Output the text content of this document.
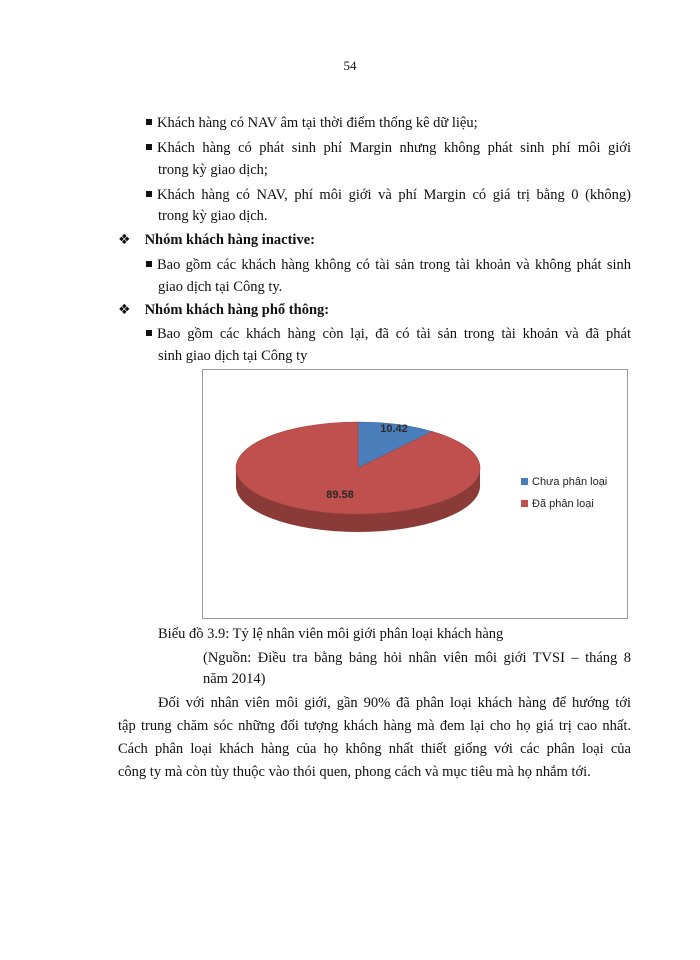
54
Khách hàng có NAV âm tại thời điểm thống kê dữ liệu;
Khách hàng có phát sinh phí Margin nhưng không phát sinh phí môi giới
trong kỳ giao dịch;
Khách hàng có NAV, phí môi giới và phí Margin có giá trị bằng 0 (không)
trong kỳ giao dịch.
❖ Nhóm khách hàng inactive:
Bao gồm các khách hàng không có tài sản trong tài khoản và không phát sinh
giao dịch tại Công ty.
❖ Nhóm khách hàng phổ thông:
Bao gồm các khách hàng còn lại, đã có tài sản trong tài khoản và đã phát
sinh giao dịch tại Công ty
10.42
89.58
Chưa phân loại
Đã phân loại
Biểu đồ 3.9: Tỷ lệ nhân viên môi giới phân loại khách hàng
(Nguồn: Điều tra bằng bảng hỏi nhân viên môi giới TVSI – tháng 8
năm 2014)
Đối với nhân viên môi giới, gần 90% đã phân loại khách hàng để hướng tới
tập trung chăm sóc những đối tượng khách hàng mà đem lại cho họ giá trị cao nhất.
Cách phân loại khách hàng của họ không nhất thiết giống với các phân loại của
công ty mà còn tùy thuộc vào thói quen, phong cách và mục tiêu mà họ nhắm tới.
